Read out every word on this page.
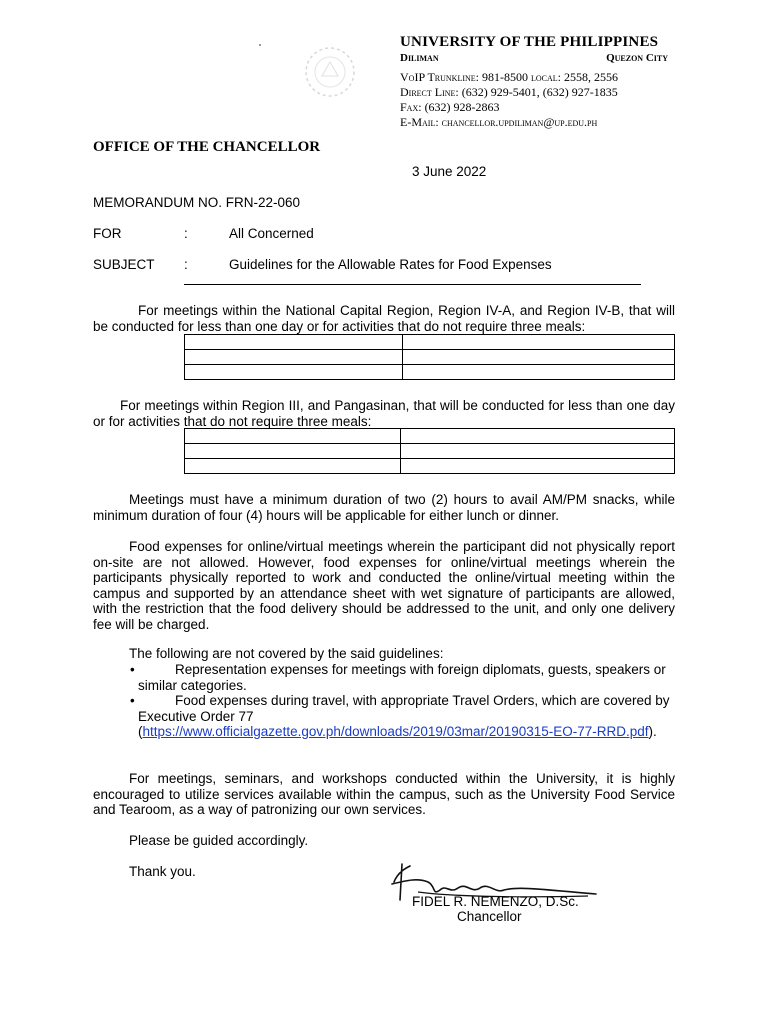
UNIVERSITY OF THE PHILIPPINES
Diliman	Quezon City
VoIP Trunkline: 981-8500 local: 2558, 2556
Direct Line: (632) 929-5401, (632) 927-1835
Fax: (632) 928-2863
E-Mail: chancellor.updiliman@up.edu.ph
OFFICE OF THE CHANCELLOR
3 June 2022
MEMORANDUM NO. FRN-22-060
FOR	:	All Concerned
SUBJECT :	Guidelines for the Allowable Rates for Food Expenses

For meetings within the National Capital Region, Region IV-A, and Region IV-B, that will be conducted for less than one day or for activities that do not require three meals:

For meetings within Region III, and Pangasinan, that will be conducted for less than one day or for activities that do not require three meals:

Meetings must have a minimum duration of two (2) hours to avail AM/PM snacks, while minimum duration of four (4) hours will be applicable for either lunch or dinner.

Food expenses for online/virtual meetings wherein the participant did not physically report on-site are not allowed. However, food expenses for online/virtual meetings wherein the participants physically reported to work and conducted the online/virtual meeting within the campus and supported by an attendance sheet with wet signature of participants are allowed, with the restriction that the food delivery should be addressed to the unit, and only one delivery fee will be charged.

The following are not covered by the said guidelines:

•	Representation expenses for meetings with foreign diplomats, guests, speakers or similar categories.
•	Food expenses during travel, with appropriate Travel Orders, which are covered by Executive Order 77
(https://www.officialgazette.gov.ph/downloads/2019/03mar/20190315-EO-77-RRD.pdf).

For meetings, seminars, and workshops conducted within the University, it is highly encouraged to utilize services available within the campus, such as the University Food Service and Tearoom, as a way of patronizing our own services.

Please be guided accordingly.

Thank you.

FIDEL R. NEMENZO, D.Sc.
Chancellor
